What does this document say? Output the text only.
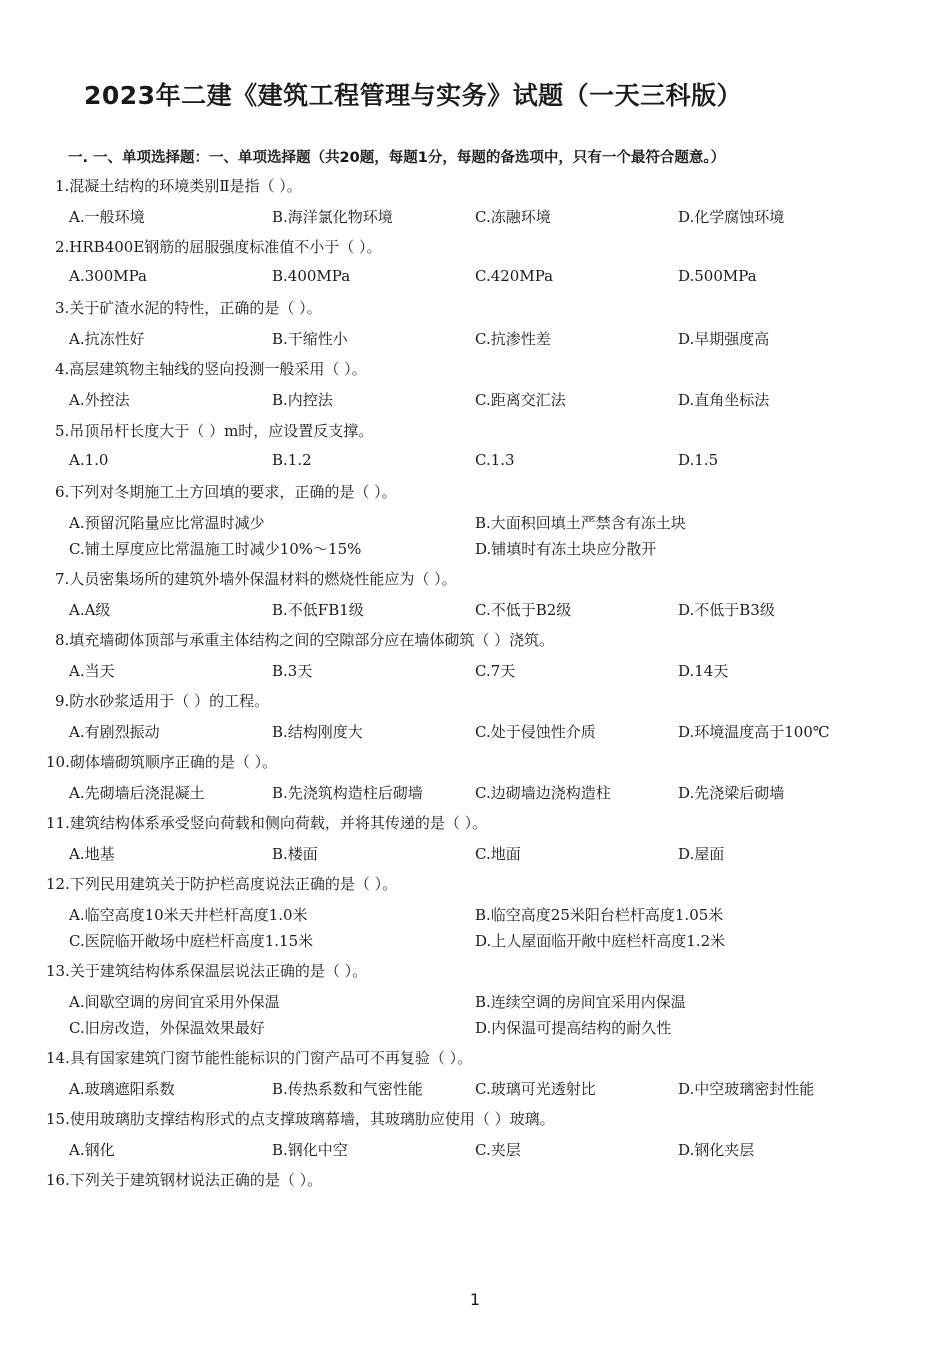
2023年二建《建筑工程管理与实务》试题（一天三科版）
一. 一、单项选择题：一、单项选择题（共20题，每题1分，每题的备选项中，只有一个最符合题意。）
1.混凝土结构的环境类别Ⅱ是指（ ）。
A.一般环境	B.海洋氯化物环境	C.冻融环境	D.化学腐蚀环境
2.HRB400E钢筋的屈服强度标准值不小于（ ）。
A.300MPa	B.400MPa	C.420MPa	D.500MPa
3.关于矿渣水泥的特性，正确的是（ ）。
A.抗冻性好	B.干缩性小	C.抗渗性差	D.早期强度高
4.高层建筑物主轴线的竖向投测一般采用（ ）。
A.外控法	B.内控法	C.距离交汇法	D.直角坐标法
5.吊顶吊杆长度大于（ ）m时，应设置反支撑。
A.1.0	B.1.2	C.1.3	D.1.5
6.下列对冬期施工土方回填的要求，正确的是（ ）。
A.预留沉陷量应比常温时减少	B.大面积回填土严禁含有冻土块
C.铺土厚度应比常温施工时减少10%～15%	D.铺填时有冻土块应分散开
7.人员密集场所的建筑外墙外保温材料的燃烧性能应为（ ）。
A.A级	B.不低FB1级	C.不低于B2级	D.不低于B3级
8.填充墙砌体顶部与承重主体结构之间的空隙部分应在墙体砌筑（ ）浇筑。
A.当天	B.3天	C.7天	D.14天
9.防水砂浆适用于（ ）的工程。
A.有剧烈振动	B.结构刚度大	C.处于侵蚀性介质	D.环境温度高于100℃
10.砌体墙砌筑顺序正确的是（ ）。
A.先砌墙后浇混凝土	B.先浇筑构造柱后砌墙	C.边砌墙边浇构造柱	D.先浇梁后砌墙
11.建筑结构体系承受竖向荷载和侧向荷载，并将其传递的是（ ）。
A.地基	B.楼面	C.地面	D.屋面
12.下列民用建筑关于防护栏高度说法正确的是（ ）。
A.临空高度10米天井栏杆高度1.0米	B.临空高度25米阳台栏杆高度1.05米
C.医院临开敞场中庭栏杆高度1.15米	D.上人屋面临开敞中庭栏杆高度1.2米
13.关于建筑结构体系保温层说法正确的是（ ）。
A.间歇空调的房间宜采用外保温	B.连续空调的房间宜采用内保温
C.旧房改造，外保温效果最好	D.内保温可提高结构的耐久性
14.具有国家建筑门窗节能性能标识的门窗产品可不再复验（ ）。
A.玻璃遮阳系数	B.传热系数和气密性能	C.玻璃可光透射比	D.中空玻璃密封性能
15.使用玻璃肋支撑结构形式的点支撑玻璃幕墙，其玻璃肋应使用（ ）玻璃。
A.钢化	B.钢化中空	C.夹层	D.钢化夹层
16.下列关于建筑钢材说法正确的是（ ）。
1
